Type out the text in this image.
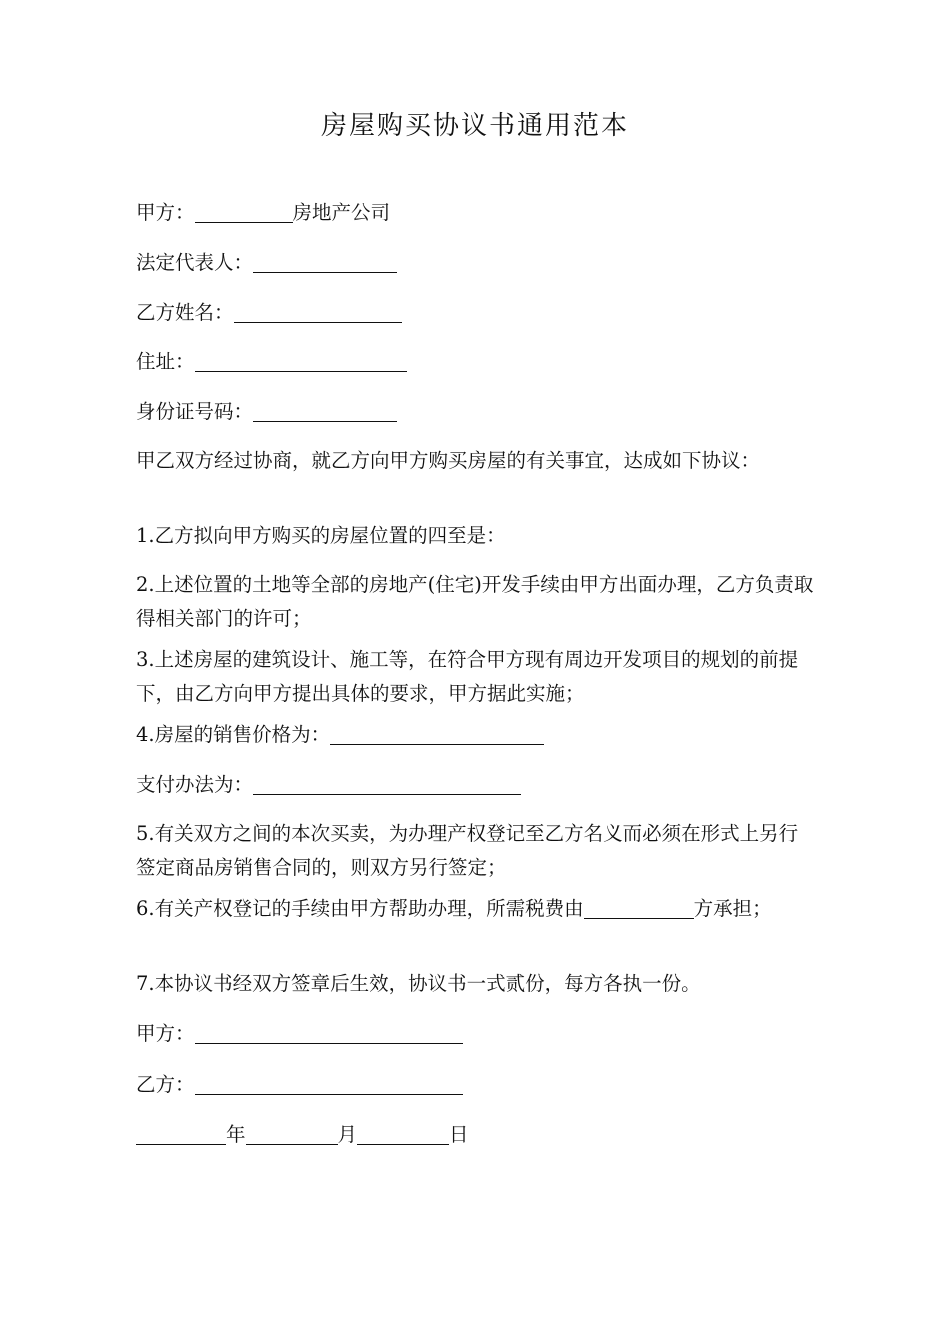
房屋购买协议书通用范本
甲方：	房地产公司
法定代表人：
乙方姓名：
住址：
身份证号码：
甲乙双方经过协商，就乙方向甲方购买房屋的有关事宜，达成如下协议：
1.乙方拟向甲方购买的房屋位置的四至是：
2.上述位置的土地等全部的房地产(住宅)开发手续由甲方出面办理，乙方负责取得相关部门的许可；
3.上述房屋的建筑设计、施工等，在符合甲方现有周边开发项目的规划的前提下，由乙方向甲方提出具体的要求，甲方据此实施；
4.房屋的销售价格为：
支付办法为：
5.有关双方之间的本次买卖，为办理产权登记至乙方名义而必须在形式上另行签定商品房销售合同的，则双方另行签定；
6.有关产权登记的手续由甲方帮助办理，所需税费由	方承担；
7.本协议书经双方签章后生效，协议书一式贰份，每方各执一份。
甲方：
乙方：
年	月	日
